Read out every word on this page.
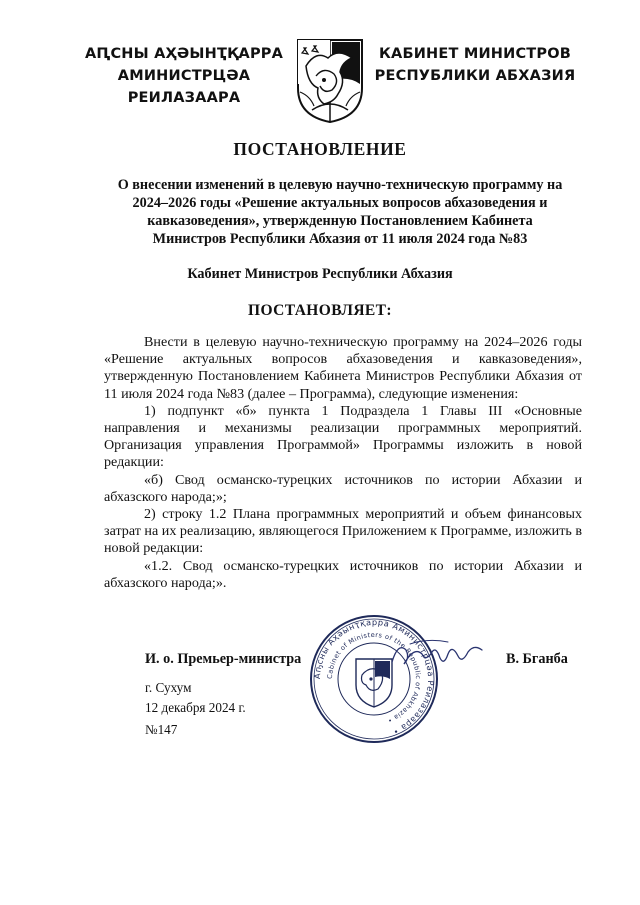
АԤСНЫ АҲӘЫНҬҚАРРА
АМИНИСТРЦӘА РЕИЛАЗААРА
КАБИНЕТ МИНИСТРОВ
РЕСПУБЛИКИ АБХАЗИЯ
ПОСТАНОВЛЕНИЕ
О внесении изменений в целевую научно-техническую программу на 2024–2026 годы «Решение актуальных вопросов абхазоведения и кавказоведения», утвержденную Постановлением Кабинета Министров Республики Абхазия от 11 июля 2024 года №83
Кабинет Министров Республики Абхазия
ПОСТАНОВЛЯЕТ:

Внести в целевую научно-техническую программу на 2024–2026 годы «Решение актуальных вопросов абхазоведения и кавказоведения», утвержденную Постановлением Кабинета Министров Республики Абхазия от 11 июля 2024 года №83 (далее – Программа), следующие изменения:

1) подпункт «б» пункта 1 Подраздела 1 Главы III «Основные направления и механизмы реализации программных мероприятий. Организация управления Программой» Программы изложить в новой редакции:

«б) Свод османско-турецких источников по истории Абхазии и абхазского народа;»;

2) строку 1.2 Плана программных мероприятий и объем финансовых затрат на их реализацию, являющегося Приложением к Программе, изложить в новой редакции:

«1.2. Свод османско-турецких источников по истории Абхазии и абхазского народа;».

Аҧсны Аҳәынҭқарра Аминистрцәа Реилазаара •
Cabinet of Ministers of the Republic of Abkhazia •
И. о. Премьер-министра	В. Бганба
г. Сухум
12 декабря 2024 г.
№147
